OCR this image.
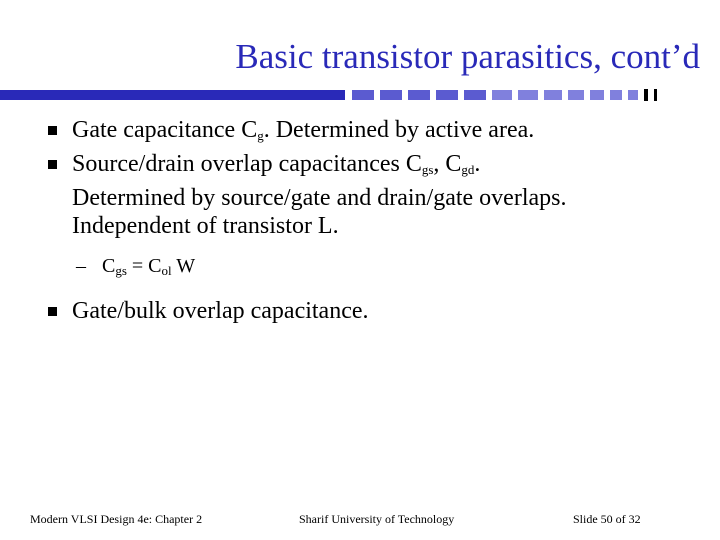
Basic transistor parasitics, cont’d
Gate capacitance $C_g$. Determined by active area.
Source/drain overlap capacitances $C_{gs}$, $C_{gd}$.
Determined by source/gate and drain/gate overlaps.
Independent of transistor L.
– $C_{gs} = C_{ol}$ W
Gate/bulk overlap capacitance.
Modern VLSI Design 4e: Chapter 2	Sharif University of Technology	Slide 50 of 32
